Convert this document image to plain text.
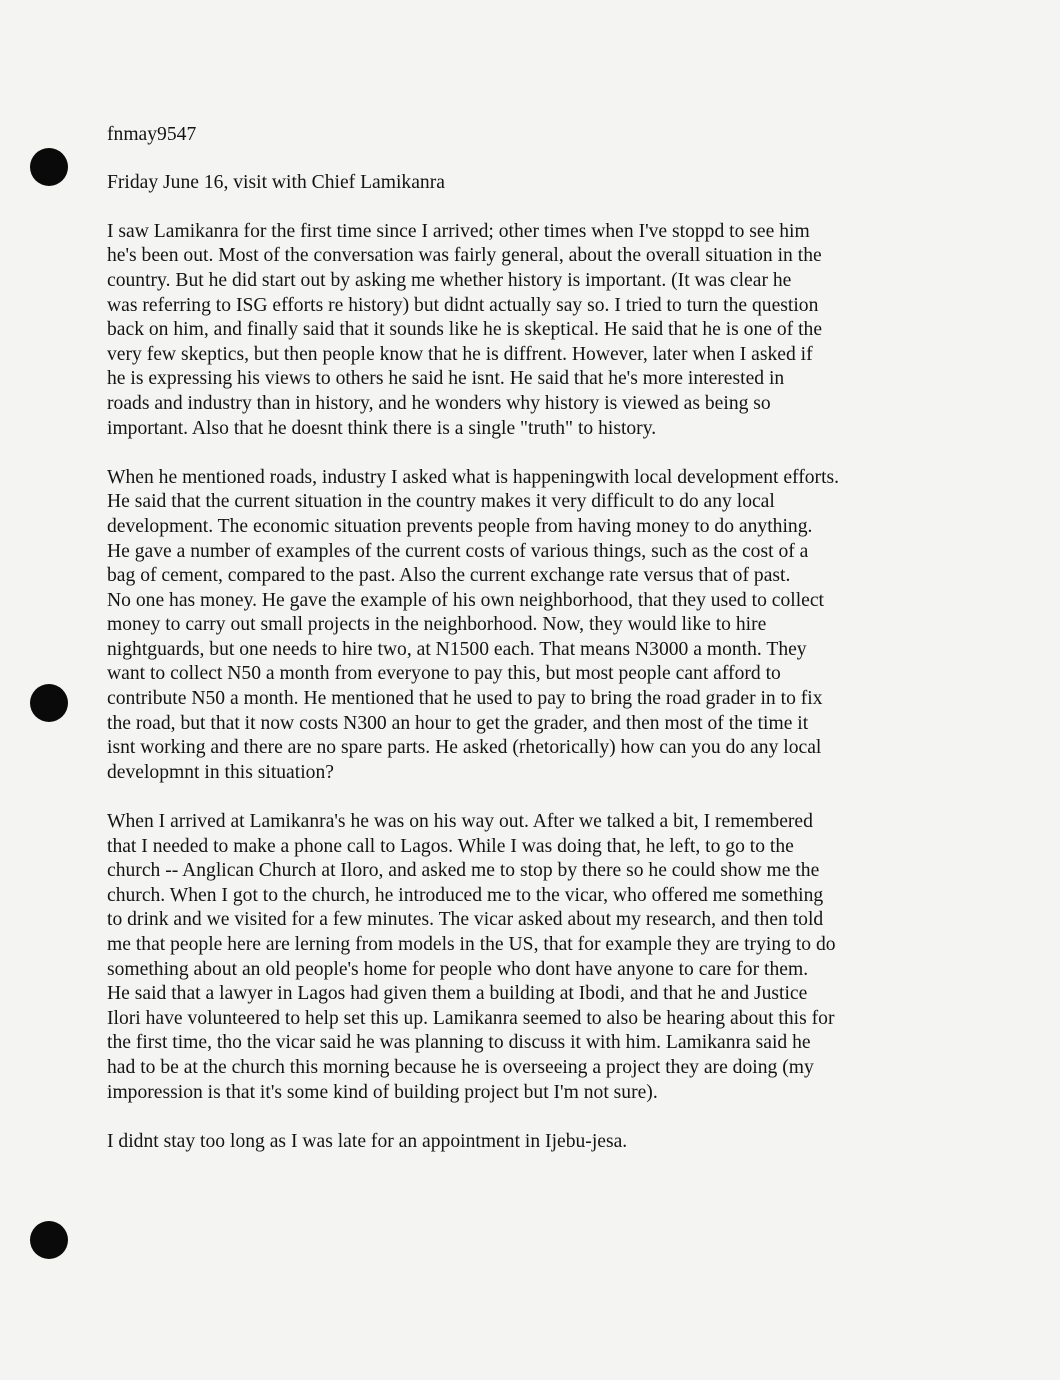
fnmay9547
Friday June 16, visit with Chief Lamikanra
I saw Lamikanra for the first time since I arrived; other times when I've stoppd to see him
he's been out. Most of the conversation was fairly general, about the overall situation in the
country. But he did start out by asking me whether history is important. (It was clear he
was referring to ISG efforts re history) but didnt actually say so. I tried to turn the question
back on him, and finally said that it sounds like he is skeptical. He said that he is one of the
very few skeptics, but then people know that he is diffrent. However, later when I asked if
he is expressing his views to others he said he isnt. He said that he's more interested in
roads and industry than in history, and he wonders why history is viewed as being so
important. Also that he doesnt think there is a single "truth" to history.
When he mentioned roads, industry I asked what is happeningwith local development efforts.
He said that the current situation in the country makes it very difficult to do any local
development. The economic situation prevents people from having money to do anything.
He gave a number of examples of the current costs of various things, such as the cost of a
bag of cement, compared to the past. Also the current exchange rate versus that of past.
No one has money. He gave the example of his own neighborhood, that they used to collect
money to carry out small projects in the neighborhood. Now, they would like to hire
nightguards, but one needs to hire two, at N1500 each. That means N3000 a month. They
want to collect N50 a month from everyone to pay this, but most people cant afford to
contribute N50 a month. He mentioned that he used to pay to bring the road grader in to fix
the road, but that it now costs N300 an hour to get the grader, and then most of the time it
isnt working and there are no spare parts. He asked (rhetorically) how can you do any local
developmnt in this situation?
When I arrived at Lamikanra's he was on his way out. After we talked a bit, I remembered
that I needed to make a phone call to Lagos. While I was doing that, he left, to go to the
church -- Anglican Church at Iloro, and asked me to stop by there so he could show me the
church. When I got to the church, he introduced me to the vicar, who offered me something
to drink and we visited for a few minutes. The vicar asked about my research, and then told
me that people here are lerning from models in the US, that for example they are trying to do
something about an old people's home for people who dont have anyone to care for them.
He said that a lawyer in Lagos had given them a building at Ibodi, and that he and Justice
Ilori have volunteered to help set this up. Lamikanra seemed to also be hearing about this for
the first time, tho the vicar said he was planning to discuss it with him. Lamikanra said he
had to be at the church this morning because he is overseeing a project they are doing (my
imporession is that it's some kind of building project but I'm not sure).
I didnt stay too long as I was late for an appointment in Ijebu-jesa.
